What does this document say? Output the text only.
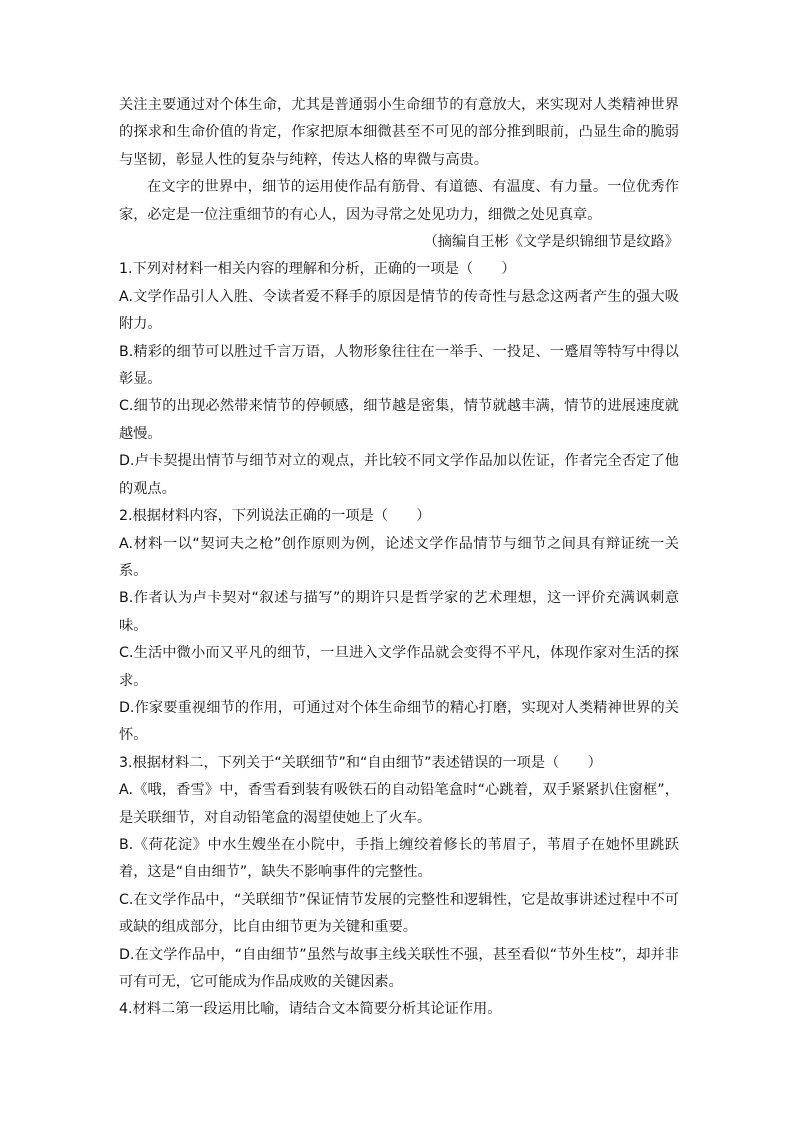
关注主要通过对个体生命，尤其是普通弱小生命细节的有意放大，来实现对人类精神世界的探求和生命价值的肯定，作家把原本细微甚至不可见的部分推到眼前，凸显生命的脆弱与坚韧，彰显人性的复杂与纯粹，传达人格的卑微与高贵。

在文字的世界中，细节的运用使作品有筋骨、有道德、有温度、有力量。一位优秀作家，必定是一位注重细节的有心人，因为寻常之处见功力，细微之处见真章。

（摘编自王彬《文学是织锦细节是纹路》

1.下列对材料一相关内容的理解和分析，正确的一项是（　　）

A.文学作品引人入胜、令读者爱不释手的原因是情节的传奇性与悬念这两者产生的强大吸附力。

B.精彩的细节可以胜过千言万语，人物形象往往在一举手、一投足、一蹙眉等特写中得以彰显。

C.细节的出现必然带来情节的停顿感，细节越是密集，情节就越丰满，情节的进展速度就越慢。

D.卢卡契提出情节与细节对立的观点，并比较不同文学作品加以佐证，作者完全否定了他的观点。

2.根据材料内容，下列说法正确的一项是（　　）

A.材料一以“契诃夫之枪”创作原则为例，论述文学作品情节与细节之间具有辩证统一关系。

B.作者认为卢卡契对“叙述与描写”的期许只是哲学家的艺术理想，这一评价充满讽刺意味。

C.生活中微小而又平凡的细节，一旦进入文学作品就会变得不平凡，体现作家对生活的探求。

D.作家要重视细节的作用，可通过对个体生命细节的精心打磨，实现对人类精神世界的关怀。

3.根据材料二，下列关于“关联细节”和“自由细节”表述错误的一项是（　　）

A.《哦，香雪》中，香雪看到装有吸铁石的自动铅笔盒时“心跳着，双手紧紧扒住窗框”，是关联细节，对自动铅笔盒的渴望使她上了火车。

B.《荷花淀》中水生嫂坐在小院中，手指上缠绞着修长的苇眉子，苇眉子在她怀里跳跃着，这是“自由细节”，缺失不影响事件的完整性。

C.在文学作品中，“关联细节”保证情节发展的完整性和逻辑性，它是故事讲述过程中不可或缺的组成部分，比自由细节更为关键和重要。

D.在文学作品中，“自由细节”虽然与故事主线关联性不强，甚至看似“节外生枝”，却并非可有可无，它可能成为作品成败的关键因素。

4.材料二第一段运用比喻，请结合文本简要分析其论证作用。
